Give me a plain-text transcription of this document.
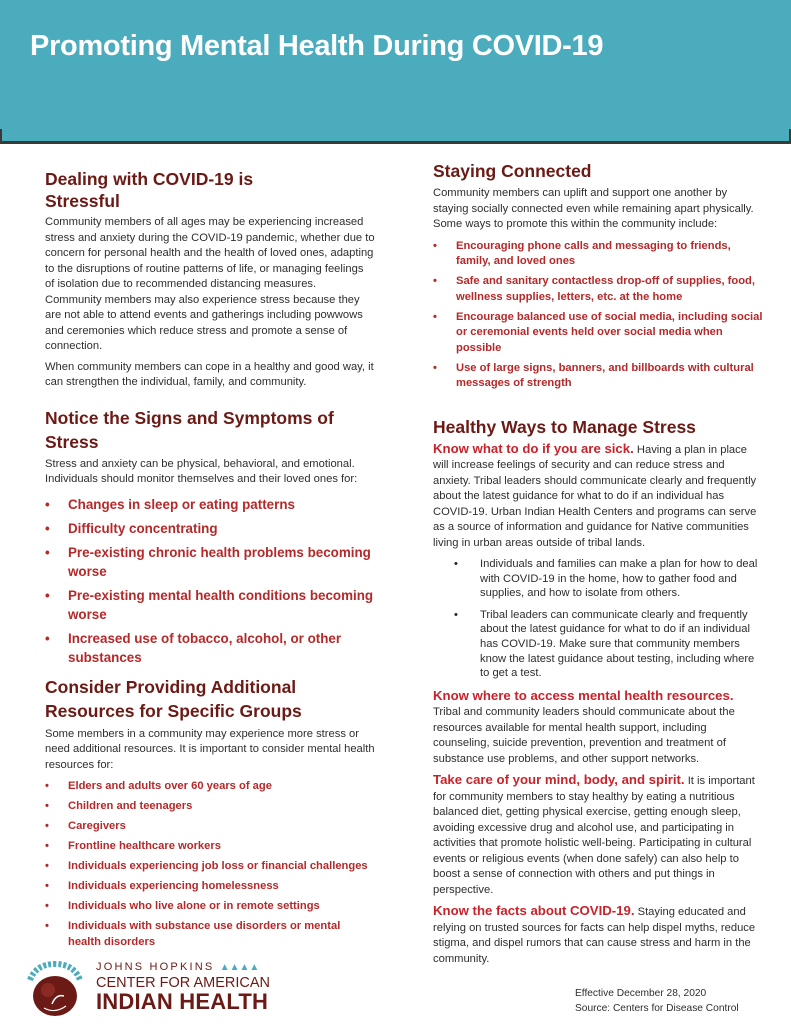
Promoting Mental Health During COVID-19
Dealing with COVID-19 is
Stressful

Community members of all ages may be experiencing increased stress and anxiety during the COVID-19 pandemic, whether due to concern for personal health and the health of loved ones, adapting to the disruptions of routine patterns of life, or managing feelings of isolation due to recommended distancing measures. Community members may also experience stress because they are not able to attend events and gatherings including powwows and ceremonies which reduce stress and promote a sense of connection.

When community members can cope in a healthy and good way, it can strengthen the individual, family, and community.

Notice the Signs and Symptoms of
Stress

Stress and anxiety can be physical, behavioral, and emotional. Individuals should monitor themselves and their loved ones for:

• Changes in sleep or eating patterns
• Difficulty concentrating
• Pre-existing chronic health problems becoming worse
• Pre-existing mental health conditions becoming worse
• Increased use of tobacco, alcohol, or other substances
Consider Providing Additional
Resources for Specific Groups

Some members in a community may experience more stress or need additional resources. It is important to consider mental health resources for:

• Elders and adults over 60 years of age
• Children and teenagers
• Caregivers
• Frontline healthcare workers
• Individuals experiencing job loss or financial challenges
• Individuals experiencing homelessness
• Individuals who live alone or in remote settings
• Individuals with substance use disorders or mental health disorders
Staying Connected

Community members can uplift and support one another by staying socially connected even while remaining apart physically. Some ways to promote this within the community include:

• Encouraging phone calls and messaging to friends, family, and loved ones
• Safe and sanitary contactless drop-off of supplies, food, wellness supplies, letters, etc. at the home
• Encourage balanced use of social media, including social or ceremonial events held over social media when possible
• Use of large signs, banners, and billboards with cultural messages of strength
Healthy Ways to Manage Stress

Know what to do if you are sick. Having a plan in place will increase feelings of security and can reduce stress and anxiety. Tribal leaders should communicate clearly and frequently about the latest guidance for what to do if an individual has COVID-19. Urban Indian Health Centers and programs can serve as a source of information and guidance for Native communities living in urban areas outside of tribal lands.

• Individuals and families can make a plan for how to deal with COVID-19 in the home, how to gather food and supplies, and how to isolate from others.
• Tribal leaders can communicate clearly and frequently about the latest guidance for what to do if an individual has COVID-19. Make sure that community members know the latest guidance about testing, including where to get a test.

Know where to access mental health resources. Tribal and community leaders should communicate about the resources available for mental health support, including counseling, suicide prevention, prevention and treatment of substance use problems, and other support networks.

Take care of your mind, body, and spirit. It is important for community members to stay healthy by eating a nutritious balanced diet, getting physical exercise, getting enough sleep, avoiding excessive drug and alcohol use, and participating in activities that promote holistic well-being. Participating in cultural events or religious events (when done safely) can also help to boost a sense of connection with others and put things in perspective.

Know the facts about COVID-19. Staying educated and relying on trusted sources for facts can help dispel myths, reduce stigma, and dispel rumors that can cause stress and harm in the community.

JOHNS HOPKINS ▲▲▲▲
CENTER FOR AMERICAN
INDIAN HEALTH	Effective December 28, 2020
Source: Centers for Disease Control
